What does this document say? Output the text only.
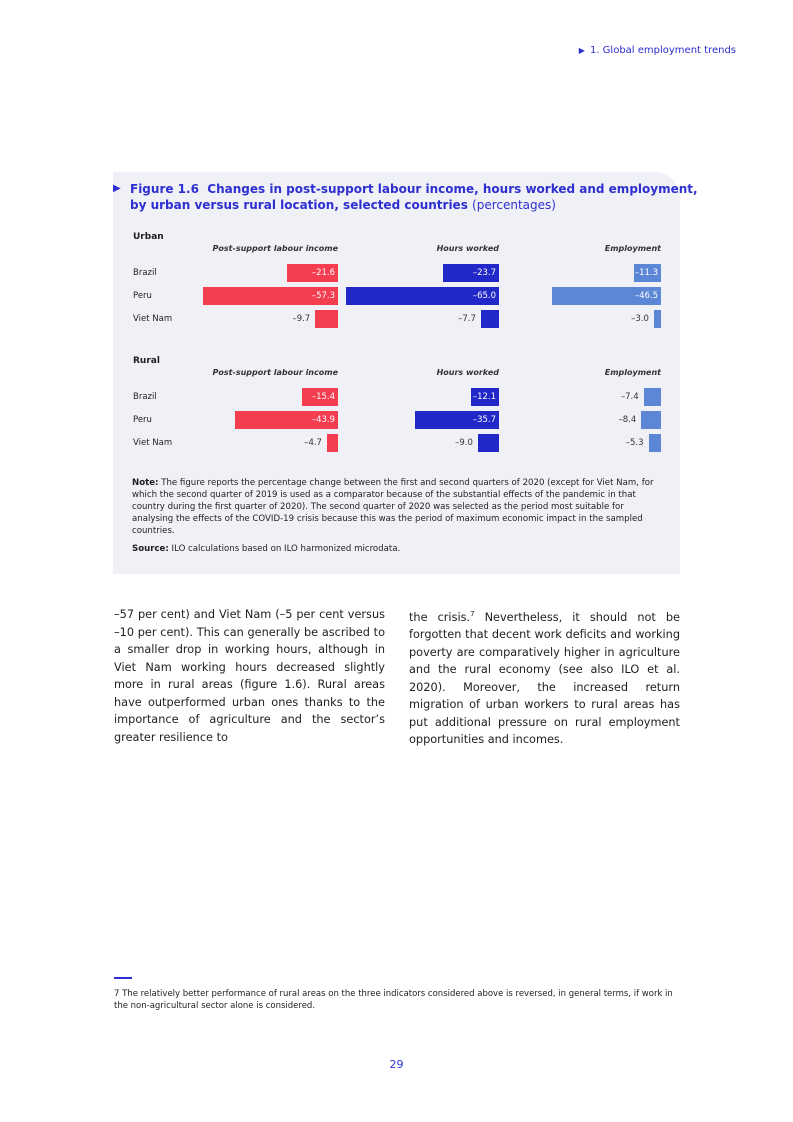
▶ 1. Global employment trends
▶ Figure 1.6 Changes in post-support labour income, hours worked and employment,
by urban versus rural location, selected countries (percentages)
Urban
Post-support labour income	Hours worked	Employment
Brazil	–21.6	–23.7	–11.3
Peru	–57.3	–65.0	–46.5
Viet Nam	–9.7	–7.7	–3.0
Rural
Post-support labour income	Hours worked	Employment
Brazil	–15.4	–12.1	–7.4
Peru	–43.9	–35.7	–8.4
Viet Nam	–4.7	–9.0	–5.3
Note: The figure reports the percentage change between the first and second quarters of 2020 (except for Viet Nam, for which the second quarter of 2019 is used as a comparator because of the substantial effects of the pandemic in that country during the first quarter of 2020). The second quarter of 2020 was selected as the period most suitable for analysing the effects of the COVID-19 crisis because this was the period of maximum economic impact in the sampled countries.
Source: ILO calculations based on ILO harmonized microdata.
–57 per cent) and Viet Nam (–5 per cent versus –10 per cent). This can generally be ascribed to a smaller drop in working hours, although in Viet Nam working hours decreased slightly more in rural areas (figure 1.6). Rural areas have outperformed urban ones thanks to the importance of agriculture and the sector’s greater resilience to
the crisis.$^7$ Nevertheless, it should not be forgotten that decent work deficits and working poverty are comparatively higher in agriculture and the rural economy (see also ILO et al. 2020). Moreover, the increased return migration of urban workers to rural areas has put additional pressure on rural employment opportunities and incomes.
7 The relatively better performance of rural areas on the three indicators considered above is reversed, in general terms, if work in the non-agricultural sector alone is considered.
29
